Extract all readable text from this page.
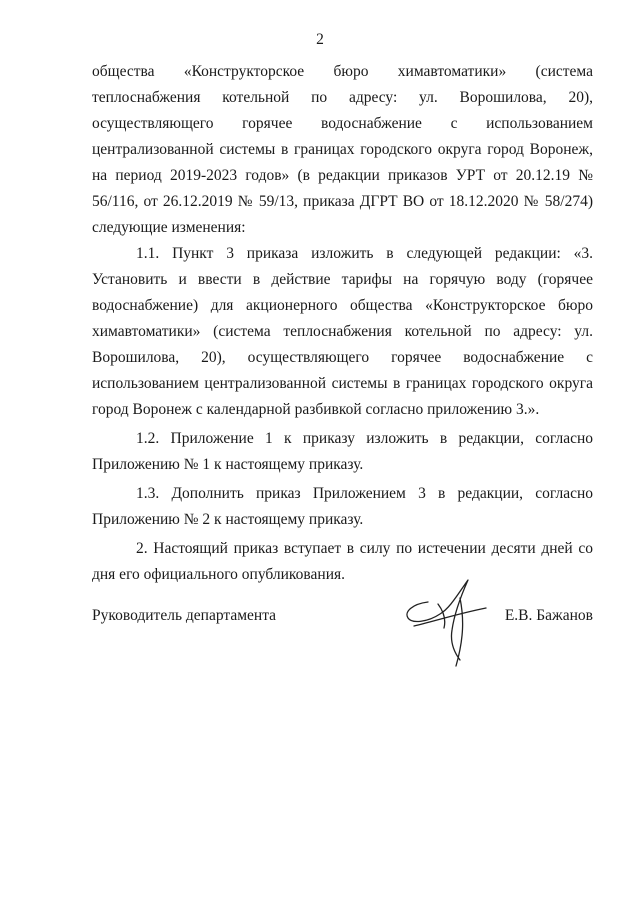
2

общества «Конструкторское бюро химавтоматики» (система теплоснабжения котельной по адресу: ул. Ворошилова, 20), осуществляющего горячее водоснабжение с использованием централизованной системы в границах городского округа город Воронеж, на период 2019-2023 годов» (в редакции приказов УРТ от 20.12.19 № 56/116, от 26.12.2019 № 59/13, приказа ДГРТ ВО от 18.12.2020 № 58/274) следующие изменения:

1.1. Пункт 3 приказа изложить в следующей редакции: «3. Установить и ввести в действие тарифы на горячую воду (горячее водоснабжение) для акционерного общества «Конструкторское бюро химавтоматики» (система теплоснабжения котельной по адресу: ул. Ворошилова, 20), осуществляющего горячее водоснабжение с использованием централизованной системы в границах городского округа город Воронеж с календарной разбивкой согласно приложению 3.».

1.2. Приложение 1 к приказу изложить в редакции, согласно Приложению № 1 к настоящему приказу.

1.3. Дополнить приказ Приложением 3 в редакции, согласно Приложению № 2 к настоящему приказу.

2. Настоящий приказ вступает в силу по истечении десяти дней со дня его официального опубликования.

Руководитель департамента	Е.В. Бажанов
